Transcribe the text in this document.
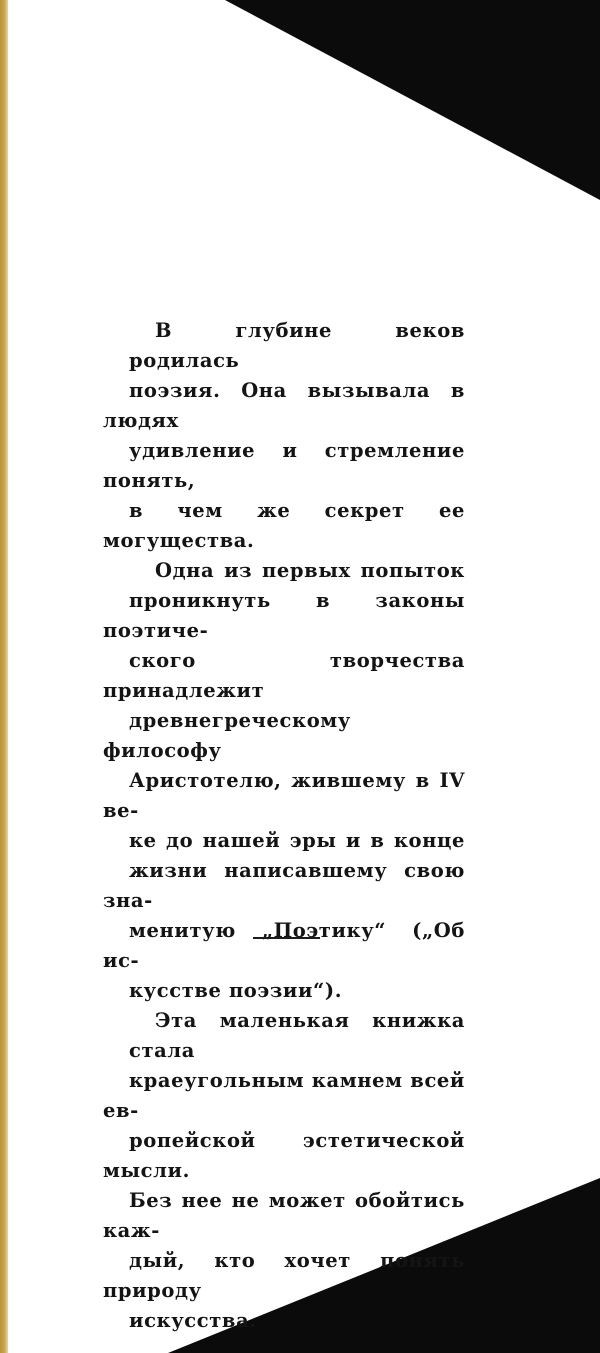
В глубине веков родилась
поэзия. Она вызывала в людях
удивление и стремление понять,
в чем же секрет ее могущества.
Одна из первых попыток
проникнуть в законы поэтиче-
ского творчества принадлежит
древнегреческому философу
Аристотелю, жившему в IV ве-
ке до нашей эры и в конце
жизни написавшему свою зна-
менитую „Поэтику“ („Об ис-
кусстве поэзии“).
Эта маленькая книжка стала
краеугольным камнем всей ев-
ропейской эстетической мысли.
Без нее не может обойтись каж-
дый, кто хочет понять природу
искусства.
